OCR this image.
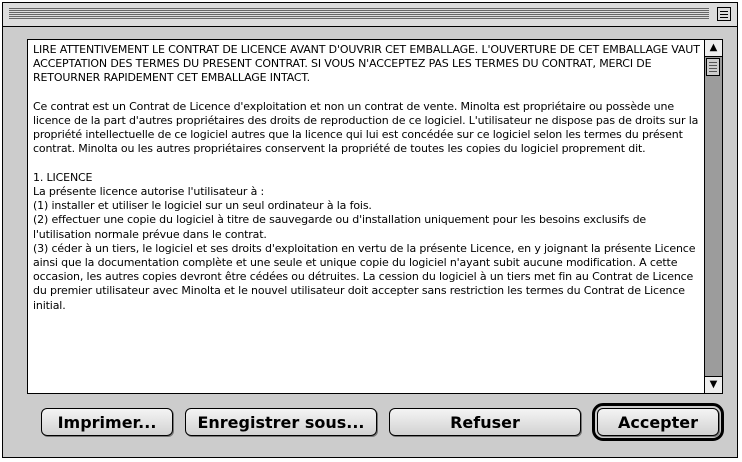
LIRE ATTENTIVEMENT LE CONTRAT DE LICENCE AVANT D'OUVRIR CET EMBALLAGE. L'OUVERTURE DE CET EMBALLAGE VAUT ACCEPTATION DES TERMES DU PRESENT CONTRAT. SI VOUS N'ACCEPTEZ PAS LES TERMES DU CONTRAT, MERCI DE RETOURNER RAPIDEMENT CET EMBALLAGE INTACT.

Ce contrat est un Contrat de Licence d'exploitation et non un contrat de vente. Minolta est propriétaire ou possède une licence de la part d'autres propriétaires des droits de reproduction de ce logiciel. L'utilisateur ne dispose pas de droits sur la propriété intellectuelle de ce logiciel autres que la licence qui lui est concédée sur ce logiciel selon les termes du présent contrat. Minolta ou les autres propriétaires conservent la propriété de toutes les copies du logiciel proprement dit.

1. LICENCE
La présente licence autorise l'utilisateur à :
(1) installer et utiliser le logiciel sur un seul ordinateur à la fois.
(2) effectuer une copie du logiciel à titre de sauvegarde ou d'installation uniquement pour les besoins exclusifs de l'utilisation normale prévue dans le contrat.
(3) céder à un tiers, le logiciel et ses droits d'exploitation en vertu de la présente Licence, en y joignant la présente Licence ainsi que la documentation complète et une seule et unique copie du logiciel n'ayant subit aucune modification. A cette occasion, les autres copies devront être cédées ou détruites. La cession du logiciel à un tiers met fin au Contrat de Licence du premier utilisateur avec Minolta et le nouvel utilisateur doit accepter sans restriction les termes du Contrat de Licence initial.
▲
▼
Imprimer...	Enregistrer sous...	Refuser	Accepter
